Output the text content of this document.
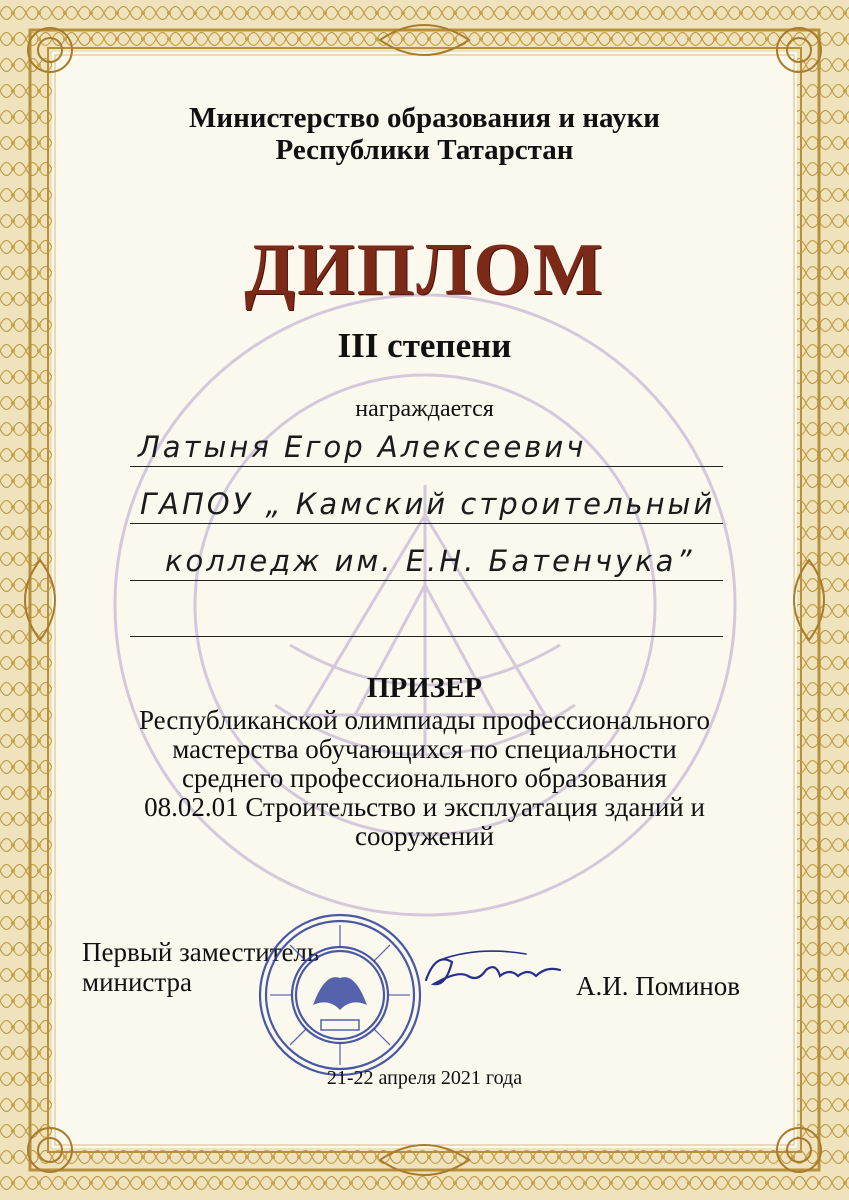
Министерство образования и науки
Республики Татарстан
ДИПЛОМ
III степени
награждается
Латыня Егор Алексеевич
ГАПОУ „ Камский строительный
колледж им. Е.Н. Батенчука”
ПРИЗЕР
Республиканской олимпиады профессионального
мастерства обучающихся по специальности
среднего профессионального образования
08.02.01 Строительство и эксплуатация зданий и
сооружений
Первый заместитель
министра	А.И. Поминов
21-22 апреля 2021 года
